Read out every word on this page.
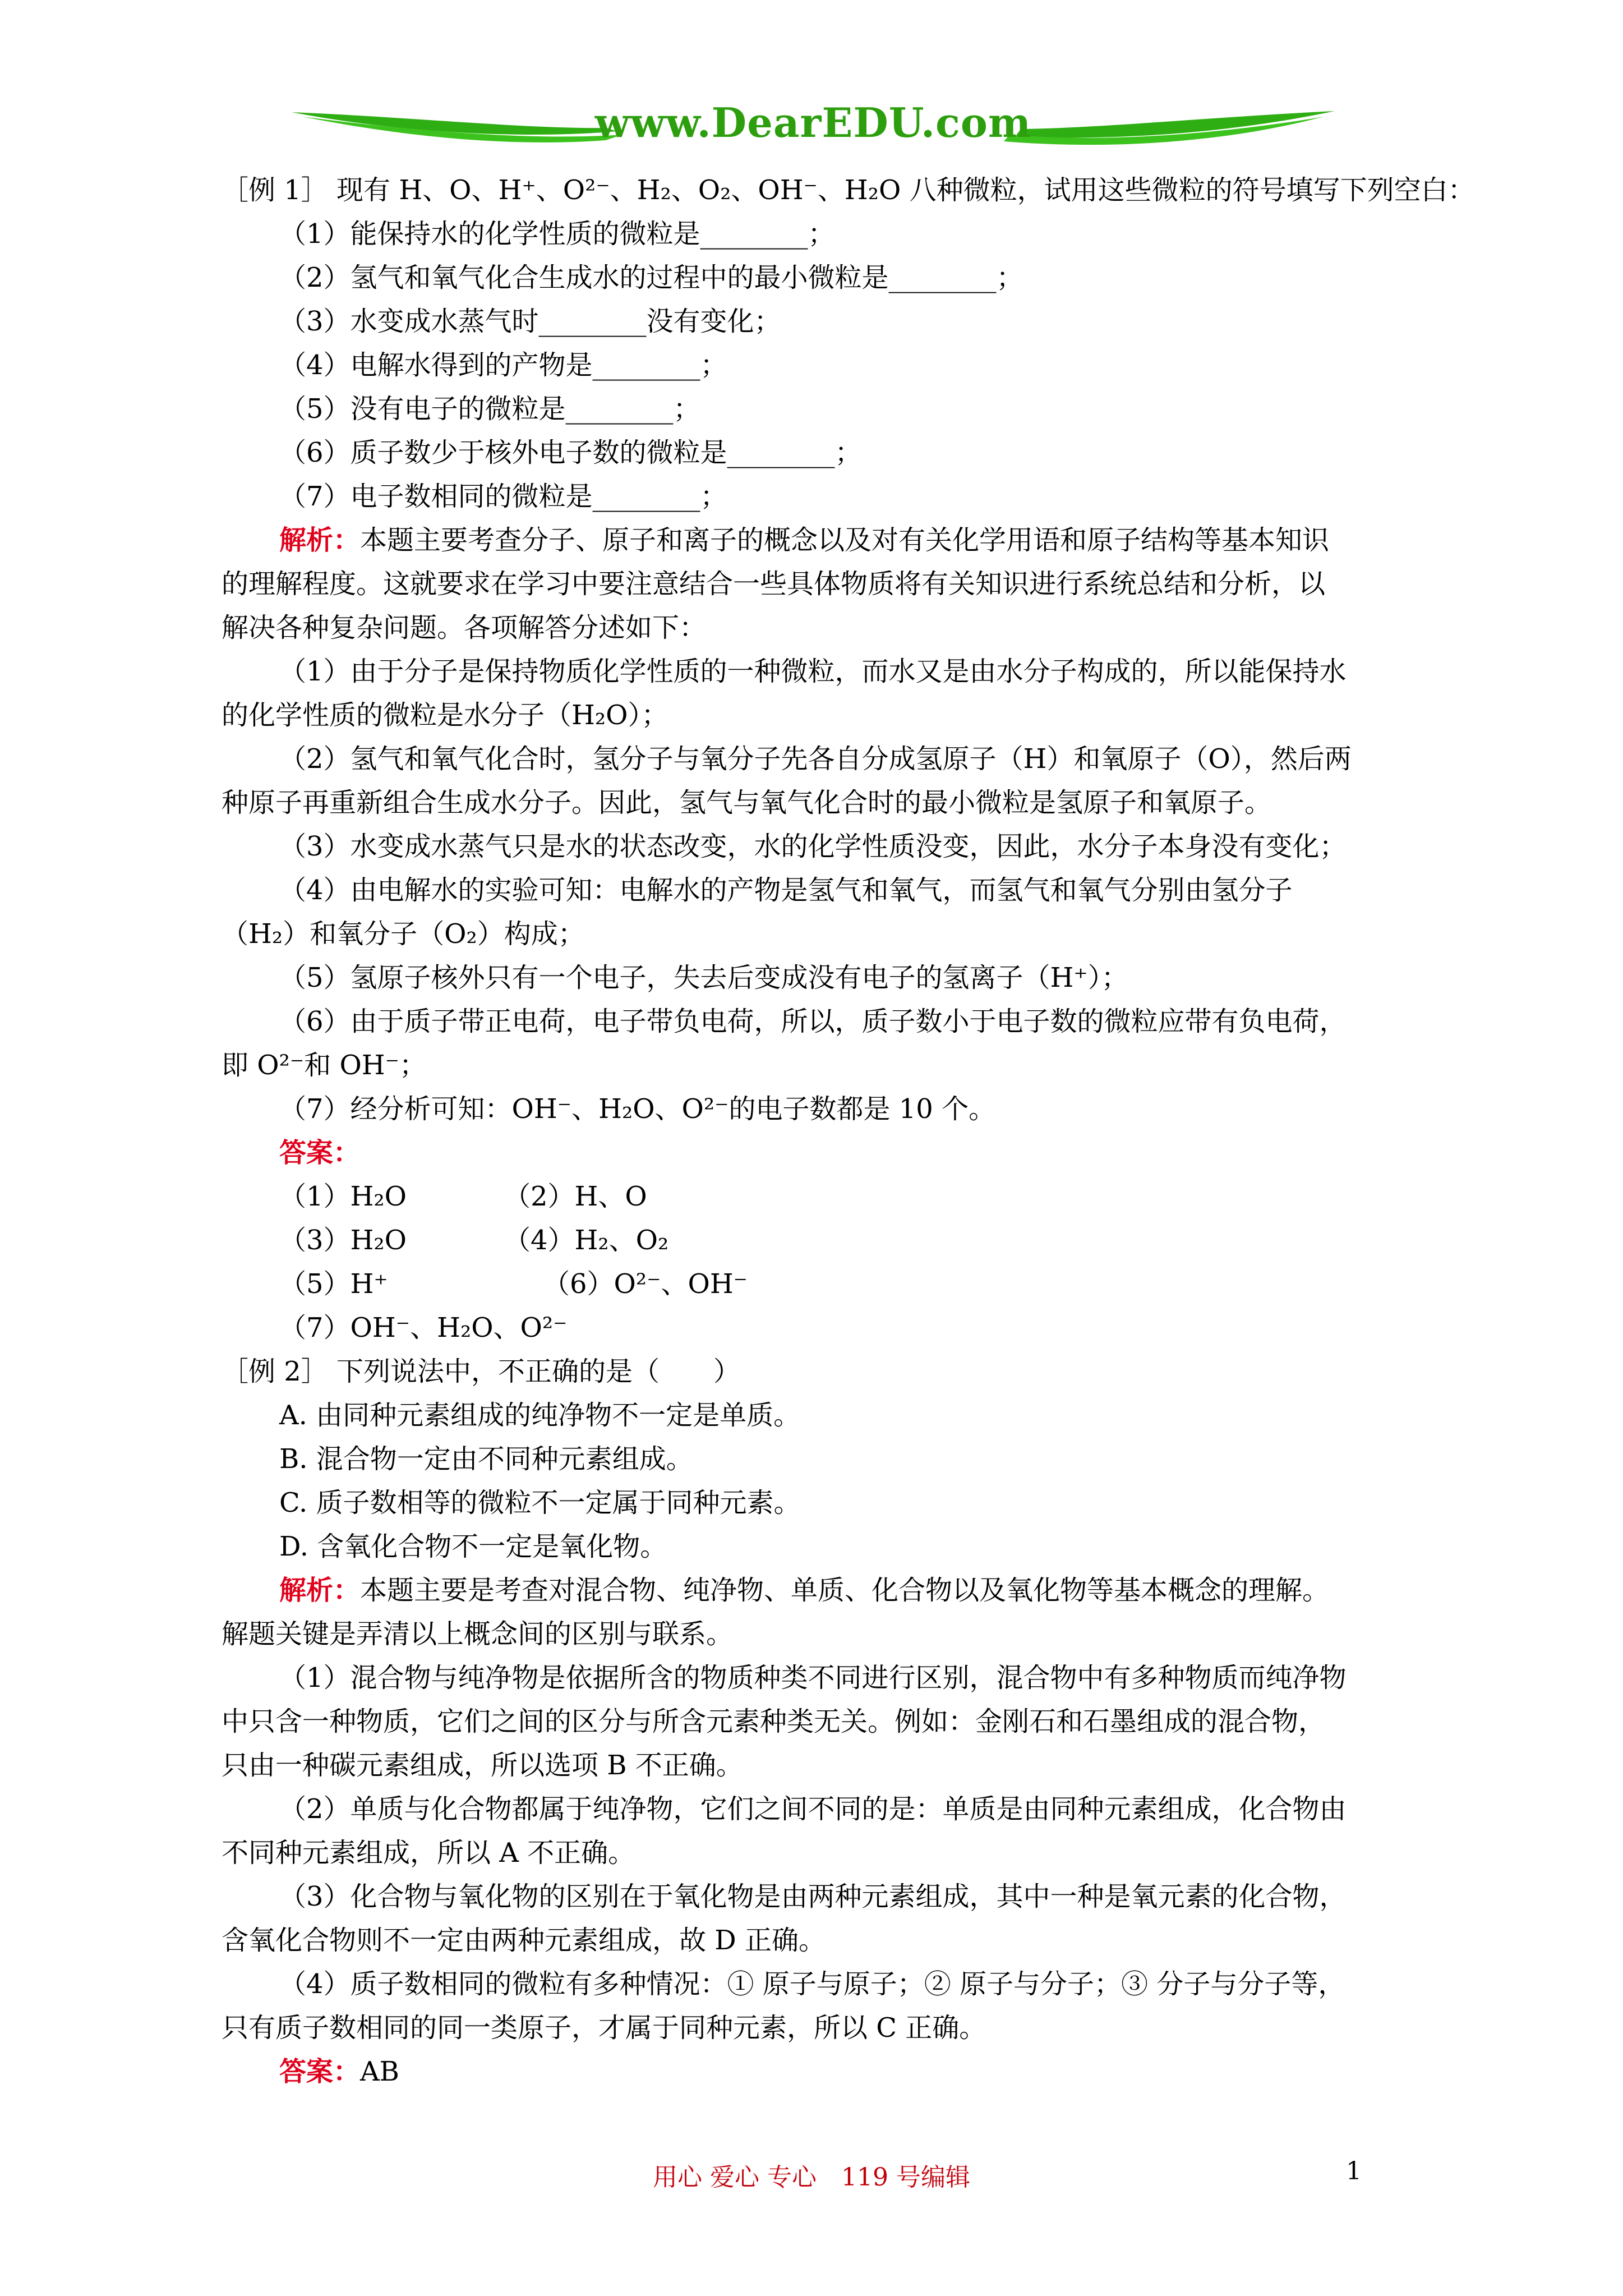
www.DearEDU.com
［例 1］ 现有 H、O、H⁺、O²⁻、H₂、O₂、OH⁻、H₂O 八种微粒，试用这些微粒的符号填写下列空白：
（1）能保持水的化学性质的微粒是________；
（2）氢气和氧气化合生成水的过程中的最小微粒是________；
（3）水变成水蒸气时________没有变化；
（4）电解水得到的产物是________；
（5）没有电子的微粒是________；
（6）质子数少于核外电子数的微粒是________；
（7）电子数相同的微粒是________；
解析：本题主要考查分子、原子和离子的概念以及对有关化学用语和原子结构等基本知识
的理解程度。这就要求在学习中要注意结合一些具体物质将有关知识进行系统总结和分析，以
解决各种复杂问题。各项解答分述如下：
（1）由于分子是保持物质化学性质的一种微粒，而水又是由水分子构成的，所以能保持水
的化学性质的微粒是水分子（H₂O）；
（2）氢气和氧气化合时，氢分子与氧分子先各自分成氢原子（H）和氧原子（O），然后两
种原子再重新组合生成水分子。因此，氢气与氧气化合时的最小微粒是氢原子和氧原子。
（3）水变成水蒸气只是水的状态改变，水的化学性质没变，因此，水分子本身没有变化；
（4）由电解水的实验可知：电解水的产物是氢气和氧气，而氢气和氧气分别由氢分子
（H₂）和氧分子（O₂）构成；
（5）氢原子核外只有一个电子，失去后变成没有电子的氢离子（H⁺）；
（6）由于质子带正电荷，电子带负电荷，所以，质子数小于电子数的微粒应带有负电荷，
即 O²⁻和 OH⁻；
（7）经分析可知：OH⁻、H₂O、O²⁻的电子数都是 10 个。
答案：
（1）H₂O	（2）H、O
（3）H₂O	（4）H₂、O₂
（5）H⁺	（6）O²⁻、OH⁻
（7）OH⁻、H₂O、O²⁻
［例 2］ 下列说法中，不正确的是（　　）
A. 由同种元素组成的纯净物不一定是单质。
B. 混合物一定由不同种元素组成。
C. 质子数相等的微粒不一定属于同种元素。
D. 含氧化合物不一定是氧化物。
解析：本题主要是考查对混合物、纯净物、单质、化合物以及氧化物等基本概念的理解。
解题关键是弄清以上概念间的区别与联系。
（1）混合物与纯净物是依据所含的物质种类不同进行区别，混合物中有多种物质而纯净物
中只含一种物质，它们之间的区分与所含元素种类无关。例如：金刚石和石墨组成的混合物，
只由一种碳元素组成，所以选项 B 不正确。
（2）单质与化合物都属于纯净物，它们之间不同的是：单质是由同种元素组成，化合物由
不同种元素组成，所以 A 不正确。
（3）化合物与氧化物的区别在于氧化物是由两种元素组成，其中一种是氧元素的化合物，
含氧化合物则不一定由两种元素组成，故 D 正确。
（4）质子数相同的微粒有多种情况：① 原子与原子；② 原子与分子；③ 分子与分子等，
只有质子数相同的同一类原子，才属于同种元素，所以 C 正确。
答案：AB
用心 爱心 专心　119 号编辑	1
